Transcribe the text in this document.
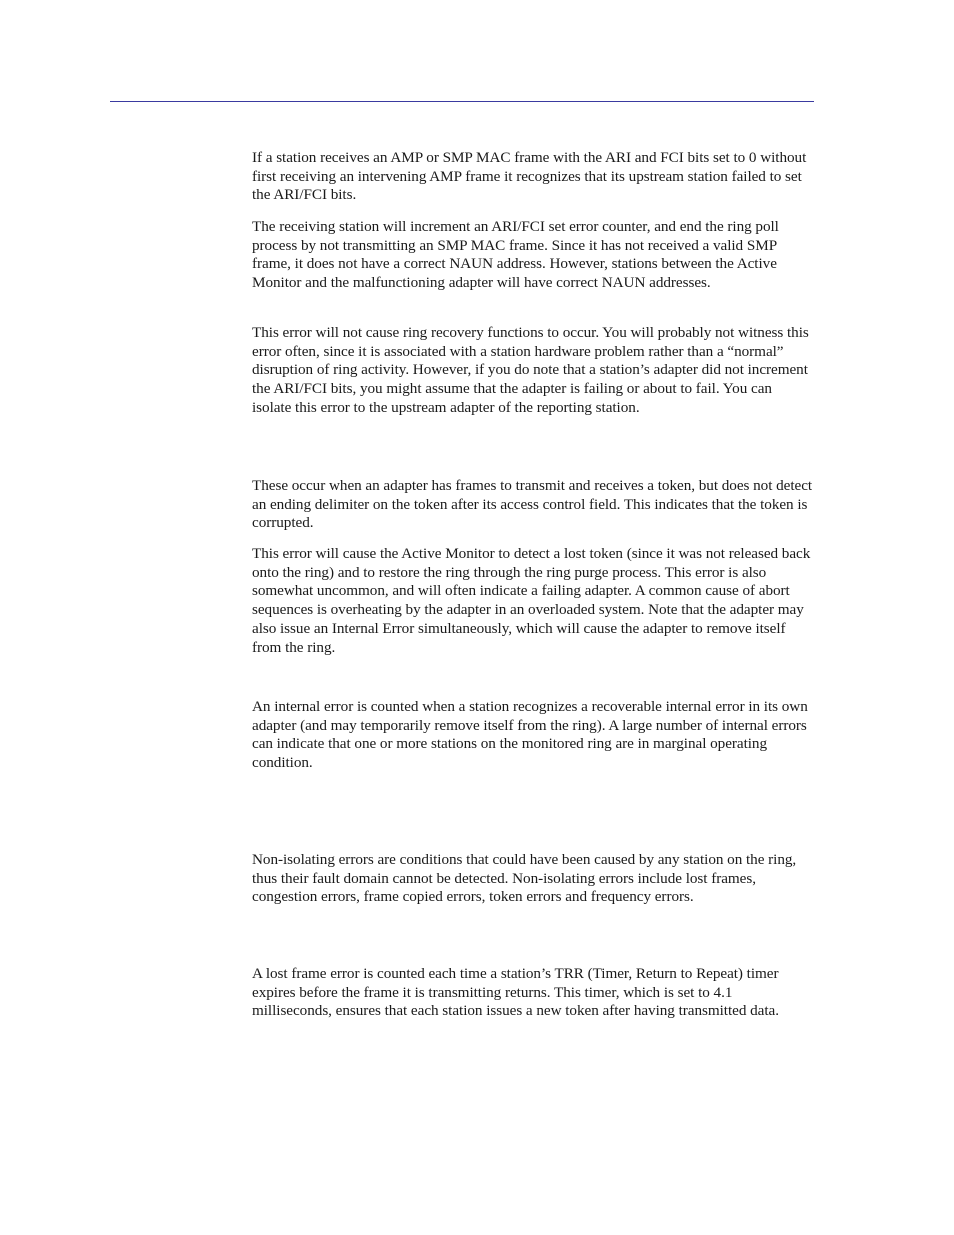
If a station receives an AMP or SMP MAC frame with the ARI and FCI bits set to 0 without first receiving an intervening AMP frame it recognizes that its upstream station failed to set the ARI/FCI bits.

The receiving station will increment an ARI/FCI set error counter, and end the ring poll process by not transmitting an SMP MAC frame. Since it has not received a valid SMP frame, it does not have a correct NAUN address. However, stations between the Active Monitor and the malfunctioning adapter will have correct NAUN addresses.

This error will not cause ring recovery functions to occur. You will probably not witness this error often, since it is associated with a station hardware problem rather than a “normal” disruption of ring activity. However, if you do note that a station’s adapter did not increment the ARI/FCI bits, you might assume that the adapter is failing or about to fail. You can isolate this error to the upstream adapter of the reporting station.

These occur when an adapter has frames to transmit and receives a token, but does not detect an ending delimiter on the token after its access control field. This indicates that the token is corrupted.

This error will cause the Active Monitor to detect a lost token (since it was not released back onto the ring) and to restore the ring through the ring purge process. This error is also somewhat uncommon, and will often indicate a failing adapter. A common cause of abort sequences is overheating by the adapter in an overloaded system. Note that the adapter may also issue an Internal Error simultaneously, which will cause the adapter to remove itself from the ring.

An internal error is counted when a station recognizes a recoverable internal error in its own adapter (and may temporarily remove itself from the ring). A large number of internal errors can indicate that one or more stations on the monitored ring are in marginal operating condition.

Non-isolating errors are conditions that could have been caused by any station on the ring, thus their fault domain cannot be detected. Non-isolating errors include lost frames, congestion errors, frame copied errors, token errors and frequency errors.

A lost frame error is counted each time a station’s TRR (Timer, Return to Repeat) timer expires before the frame it is transmitting returns. This timer, which is set to 4.1 milliseconds, ensures that each station issues a new token after having transmitted data.
